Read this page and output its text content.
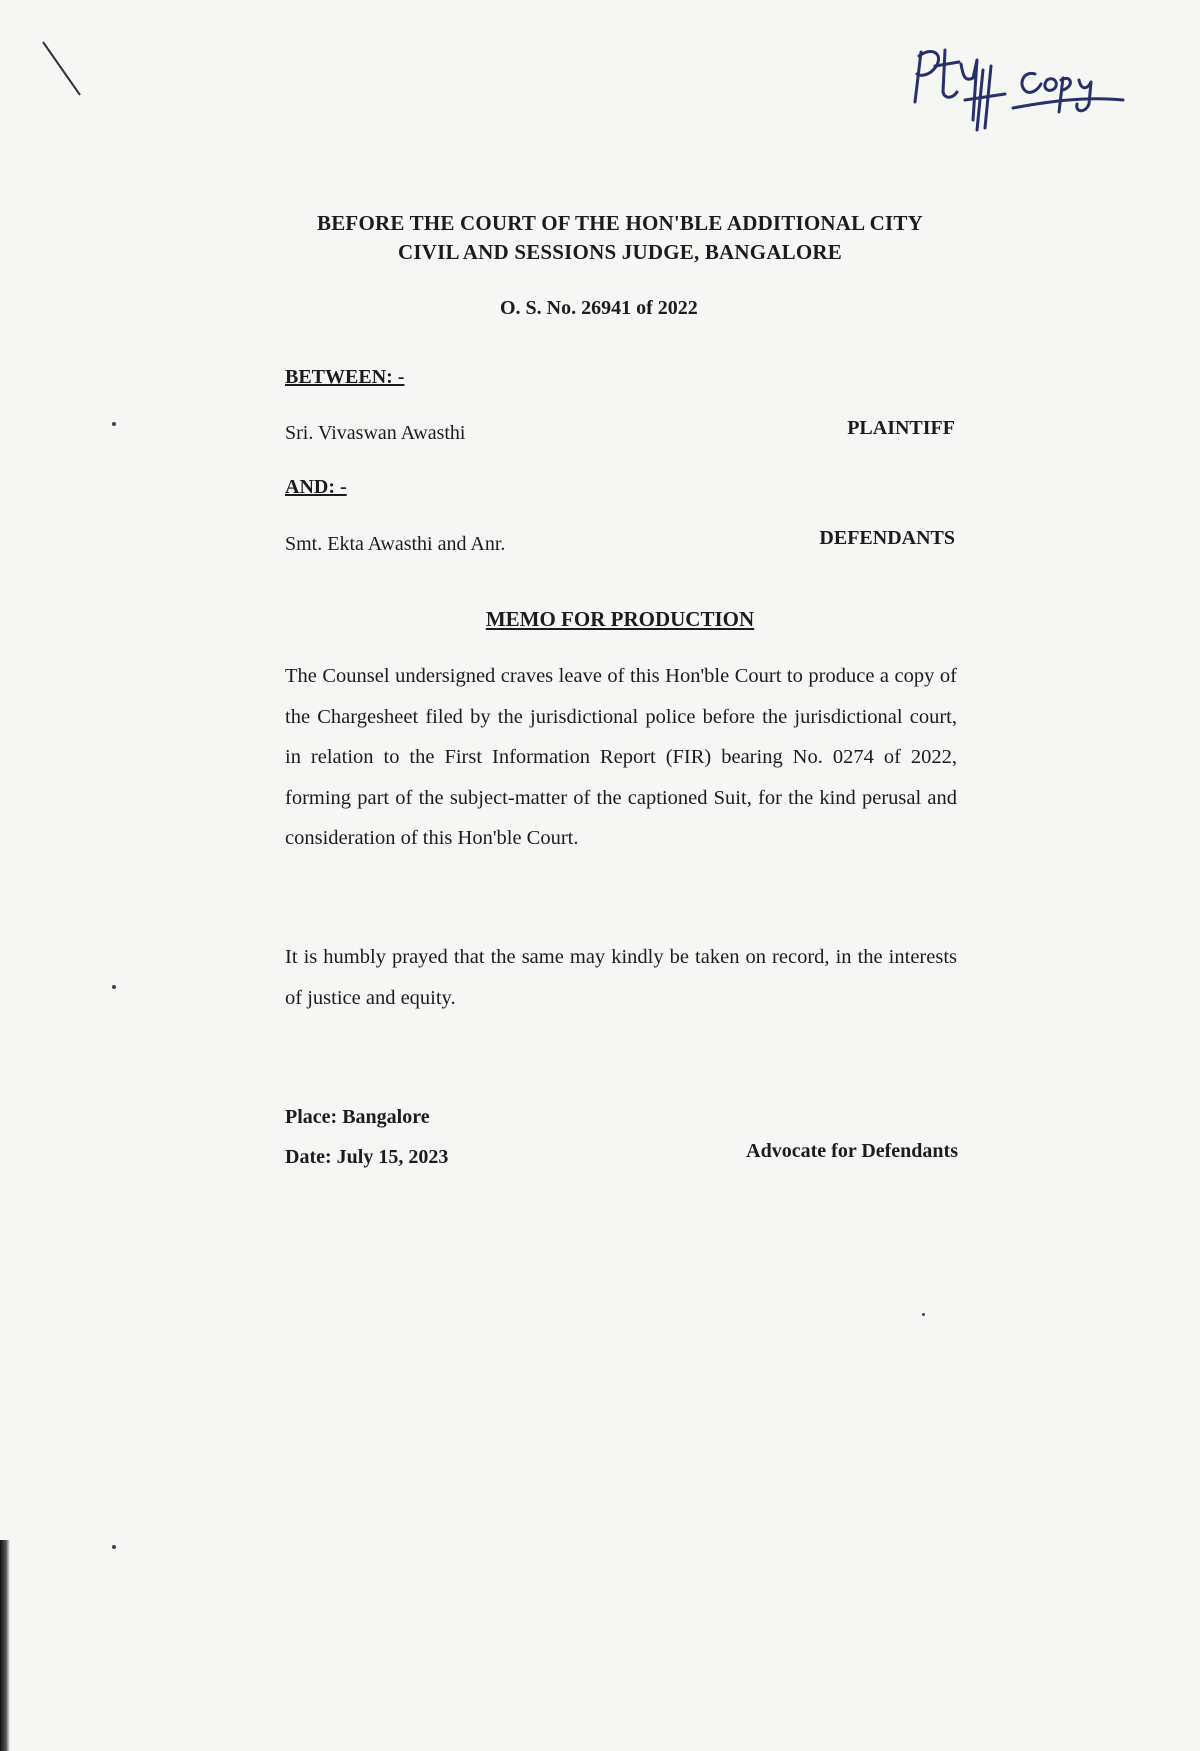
BEFORE THE COURT OF THE HON'BLE ADDITIONAL CITY
CIVIL AND SESSIONS JUDGE, BANGALORE
O. S. No. 26941 of 2022
BETWEEN: -
Sri. Vivaswan Awasthi	PLAINTIFF
AND: -
Smt. Ekta Awasthi and Anr.	DEFENDANTS
MEMO FOR PRODUCTION
The Counsel undersigned craves leave of this Hon'ble Court to produce a copy of the Chargesheet filed by the jurisdictional police before the jurisdictional court, in relation to the First Information Report (FIR) bearing No. 0274 of 2022, forming part of the subject-matter of the captioned Suit, for the kind perusal and consideration of this Hon'ble Court.
It is humbly prayed that the same may kindly be taken on record, in the interests of justice and equity.
Place: Bangalore
Date: July 15, 2023	Advocate for Defendants
